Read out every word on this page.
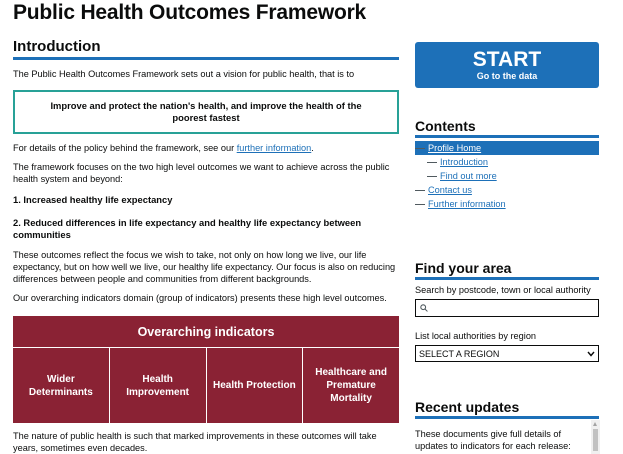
Public Health Outcomes Framework
Introduction
The Public Health Outcomes Framework sets out a vision for public health, that is to
Improve and protect the nation's health, and improve the health of the poorest fastest
For details of the policy behind the framework, see our further information.
The framework focuses on the two high level outcomes we want to achieve across the public health system and beyond:
1. Increased healthy life expectancy
2. Reduced differences in life expectancy and healthy life expectancy between communities
These outcomes reflect the focus we wish to take, not only on how long we live, our life expectancy, but on how well we live, our healthy life expectancy. Our focus is also on reducing differences between people and communities from different backgrounds.
Our overarching indicators domain (group of indicators) presents these high level outcomes.
Overarching indicators
Wider Determinants
Health Improvement
Health Protection
Healthcare and Premature Mortality
The nature of public health is such that marked improvements in these outcomes will take years, sometimes even decades.
START
Go to the data
Contents
Profile Home
Introduction
Find out more
Contact us
Further information
Find your area
Search by postcode, town or local authority
List local authorities by region
SELECT A REGION
Recent updates
These documents give full details of updates to indicators for each release:
